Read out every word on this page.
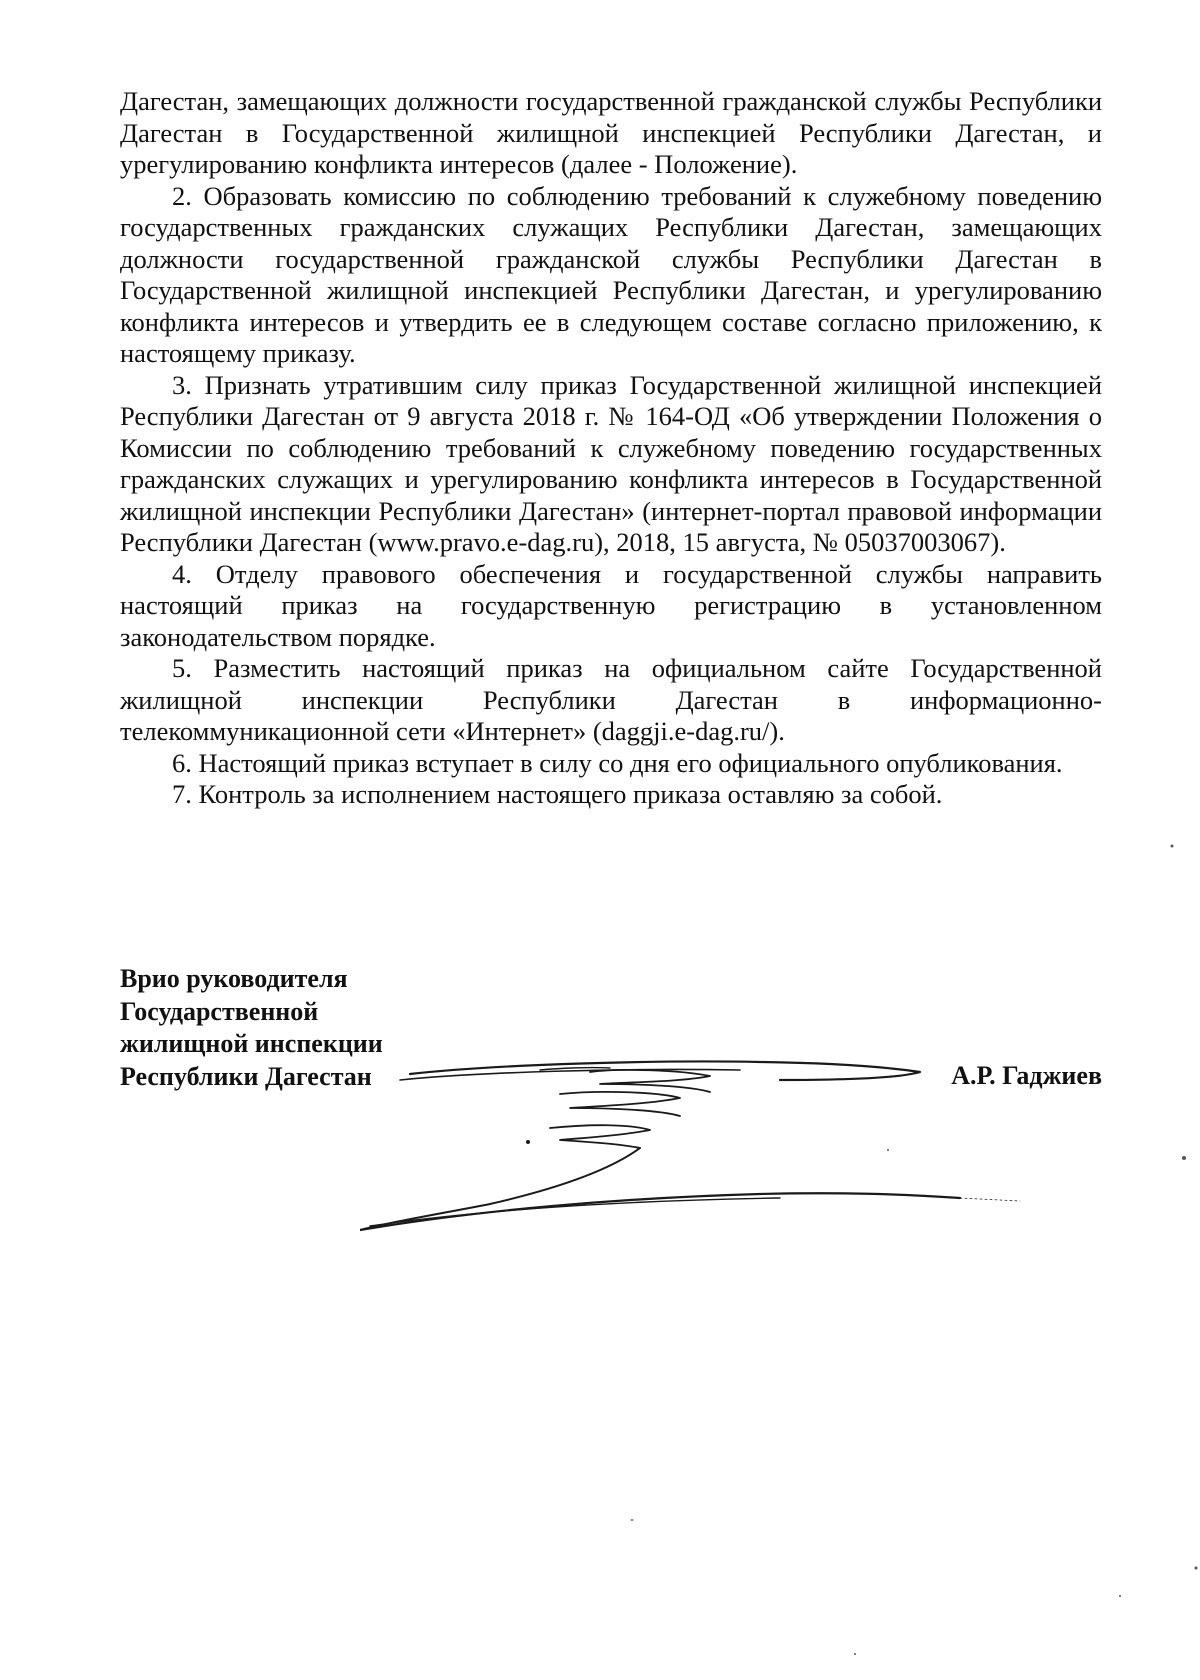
Дагестан, замещающих должности государственной гражданской службы Республики Дагестан в Государственной жилищной инспекцией Республики Дагестан, и урегулированию конфликта интересов (далее - Положение).

2. Образовать комиссию по соблюдению требований к служебному поведению государственных гражданских служащих Республики Дагестан, замещающих должности государственной гражданской службы Республики Дагестан в Государственной жилищной инспекцией Республики Дагестан, и урегулированию конфликта интересов и утвердить ее в следующем составе согласно приложению, к настоящему приказу.

3. Признать утратившим силу приказ Государственной жилищной инспекцией Республики Дагестан от 9 августа 2018 г. № 164-ОД «Об утверждении Положения о Комиссии по соблюдению требований к служебному поведению государственных гражданских служащих и урегулированию конфликта интересов в Государственной жилищной инспекции Республики Дагестан» (интернет-портал правовой информации Республики Дагестан (www.pravo.e-dag.ru), 2018, 15 августа, № 05037003067).

4. Отделу правового обеспечения и государственной службы направить настоящий приказ на государственную регистрацию в установленном законодательством порядке.

5. Разместить настоящий приказ на официальном сайте Государственной жилищной инспекции Республики Дагестан в информационно-телекоммуникационной сети «Интернет» (daggji.e-dag.ru/).

6. Настоящий приказ вступает в силу со дня его официального опубликования.

7. Контроль за исполнением настоящего приказа оставляю за собой.

Врио руководителя
Государственной
жилищной инспекции
Республики Дагестан	А.Р. Гаджиев
